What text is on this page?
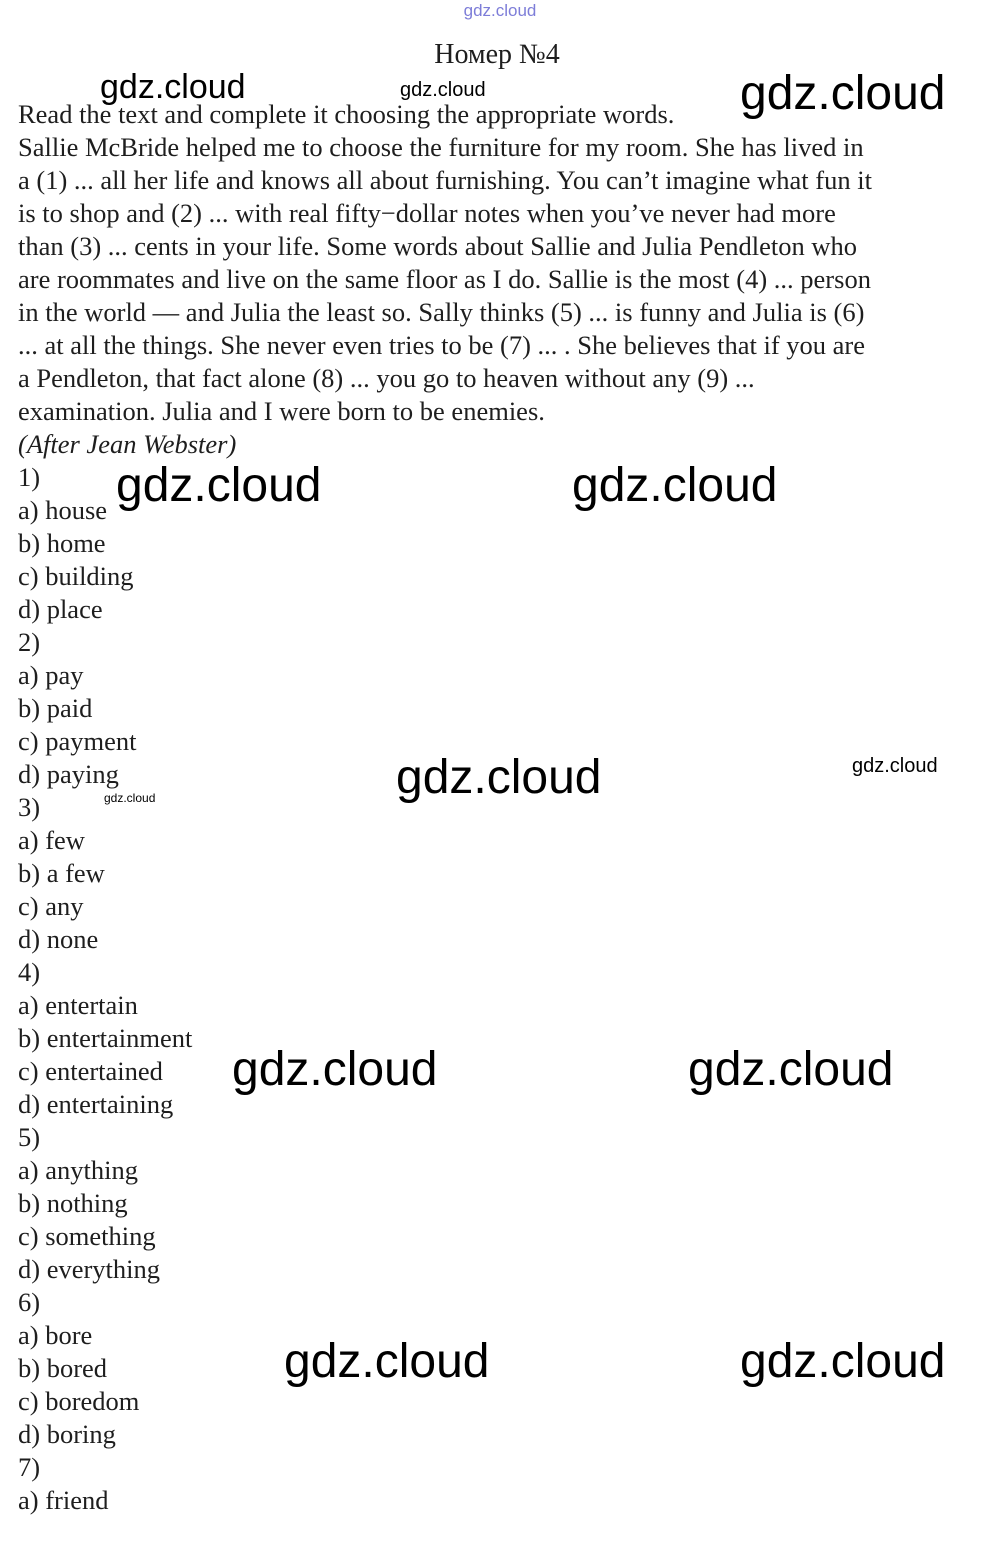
gdz.cloud
Номер №4
Read the text and complete it choosing the appropriate words.
Sallie McBride helped me to choose the furniture for my room. She has lived in
a (1) ... all her life and knows all about furnishing. You can’t imagine what fun it
is to shop and (2) ... with real fifty−dollar notes when you’ve never had more
than (3) ... cents in your life. Some words about Sallie and Julia Pendleton who
are roommates and live on the same floor as I do. Sallie is the most (4) ... person
in the world — and Julia the least so. Sally thinks (5) ... is funny and Julia is (6)
... at all the things. She never even tries to be (7) ... . She believes that if you are
a Pendleton, that fact alone (8) ... you go to heaven without any (9) ...
examination. Julia and I were born to be enemies.
(After Jean Webster)
1)
a) house
b) home
c) building
d) place
2)
a) pay
b) paid
c) payment
d) paying
3)
a) few
b) a few
c) any
d) none
4)
a) entertain
b) entertainment
c) entertained
d) entertaining
5)
a) anything
b) nothing
c) something
d) everything
6)
a) bore
b) bored
c) boredom
d) boring
7)
a) friend
gdz.cloud	gdz.cloud	gdz.cloud
gdz.cloud	gdz.cloud
gdz.cloud	gdz.cloud
gdz.cloud
gdz.cloud	gdz.cloud
gdz.cloud	gdz.cloud
